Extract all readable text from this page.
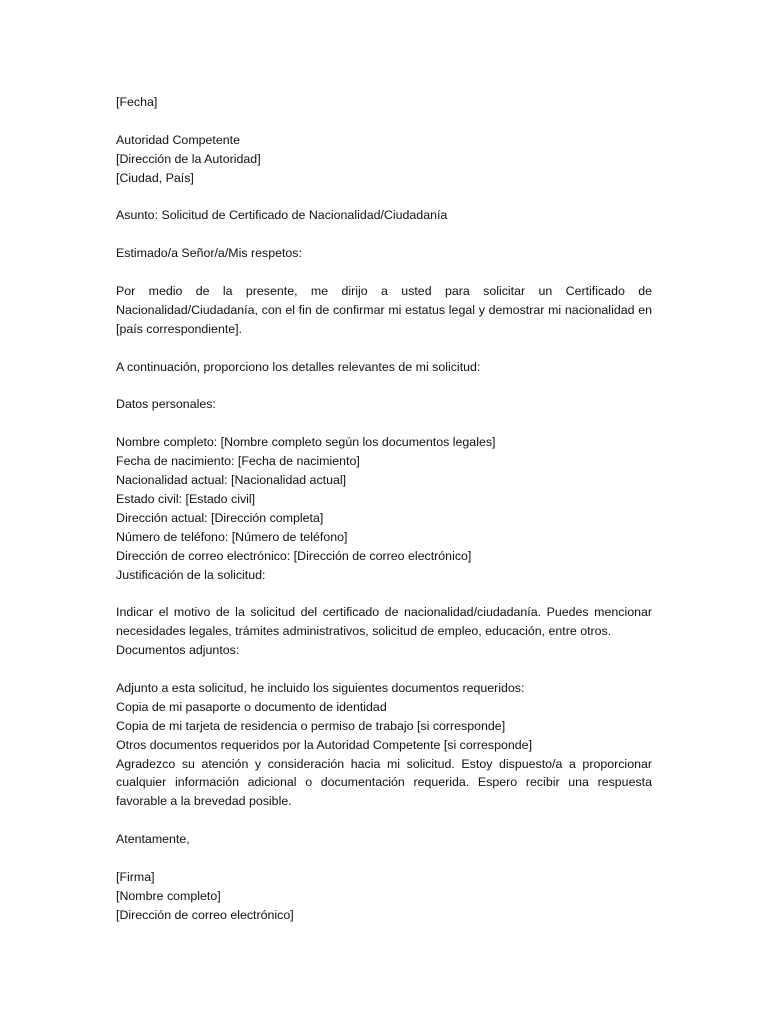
[Fecha]
Autoridad Competente
[Dirección de la Autoridad]
[Ciudad, País]
Asunto: Solicitud de Certificado de Nacionalidad/Ciudadanía
Estimado/a Señor/a/Mis respetos:
Por medio de la presente, me dirijo a usted para solicitar un Certificado de Nacionalidad/Ciudadanía, con el fin de confirmar mi estatus legal y demostrar mi nacionalidad en [país correspondiente].
A continuación, proporciono los detalles relevantes de mi solicitud:
Datos personales:
Nombre completo: [Nombre completo según los documentos legales]
Fecha de nacimiento: [Fecha de nacimiento]
Nacionalidad actual: [Nacionalidad actual]
Estado civil: [Estado civil]
Dirección actual: [Dirección completa]
Número de teléfono: [Número de teléfono]
Dirección de correo electrónico: [Dirección de correo electrónico]
Justificación de la solicitud:
Indicar el motivo de la solicitud del certificado de nacionalidad/ciudadanía. Puedes mencionar necesidades legales, trámites administrativos, solicitud de empleo, educación, entre otros.
Documentos adjuntos:
Adjunto a esta solicitud, he incluido los siguientes documentos requeridos:
Copia de mi pasaporte o documento de identidad
Copia de mi tarjeta de residencia o permiso de trabajo [si corresponde]
Otros documentos requeridos por la Autoridad Competente [si corresponde]
Agradezco su atención y consideración hacia mi solicitud. Estoy dispuesto/a a proporcionar cualquier información adicional o documentación requerida. Espero recibir una respuesta favorable a la brevedad posible.
Atentamente,
[Firma]
[Nombre completo]
[Dirección de correo electrónico]
